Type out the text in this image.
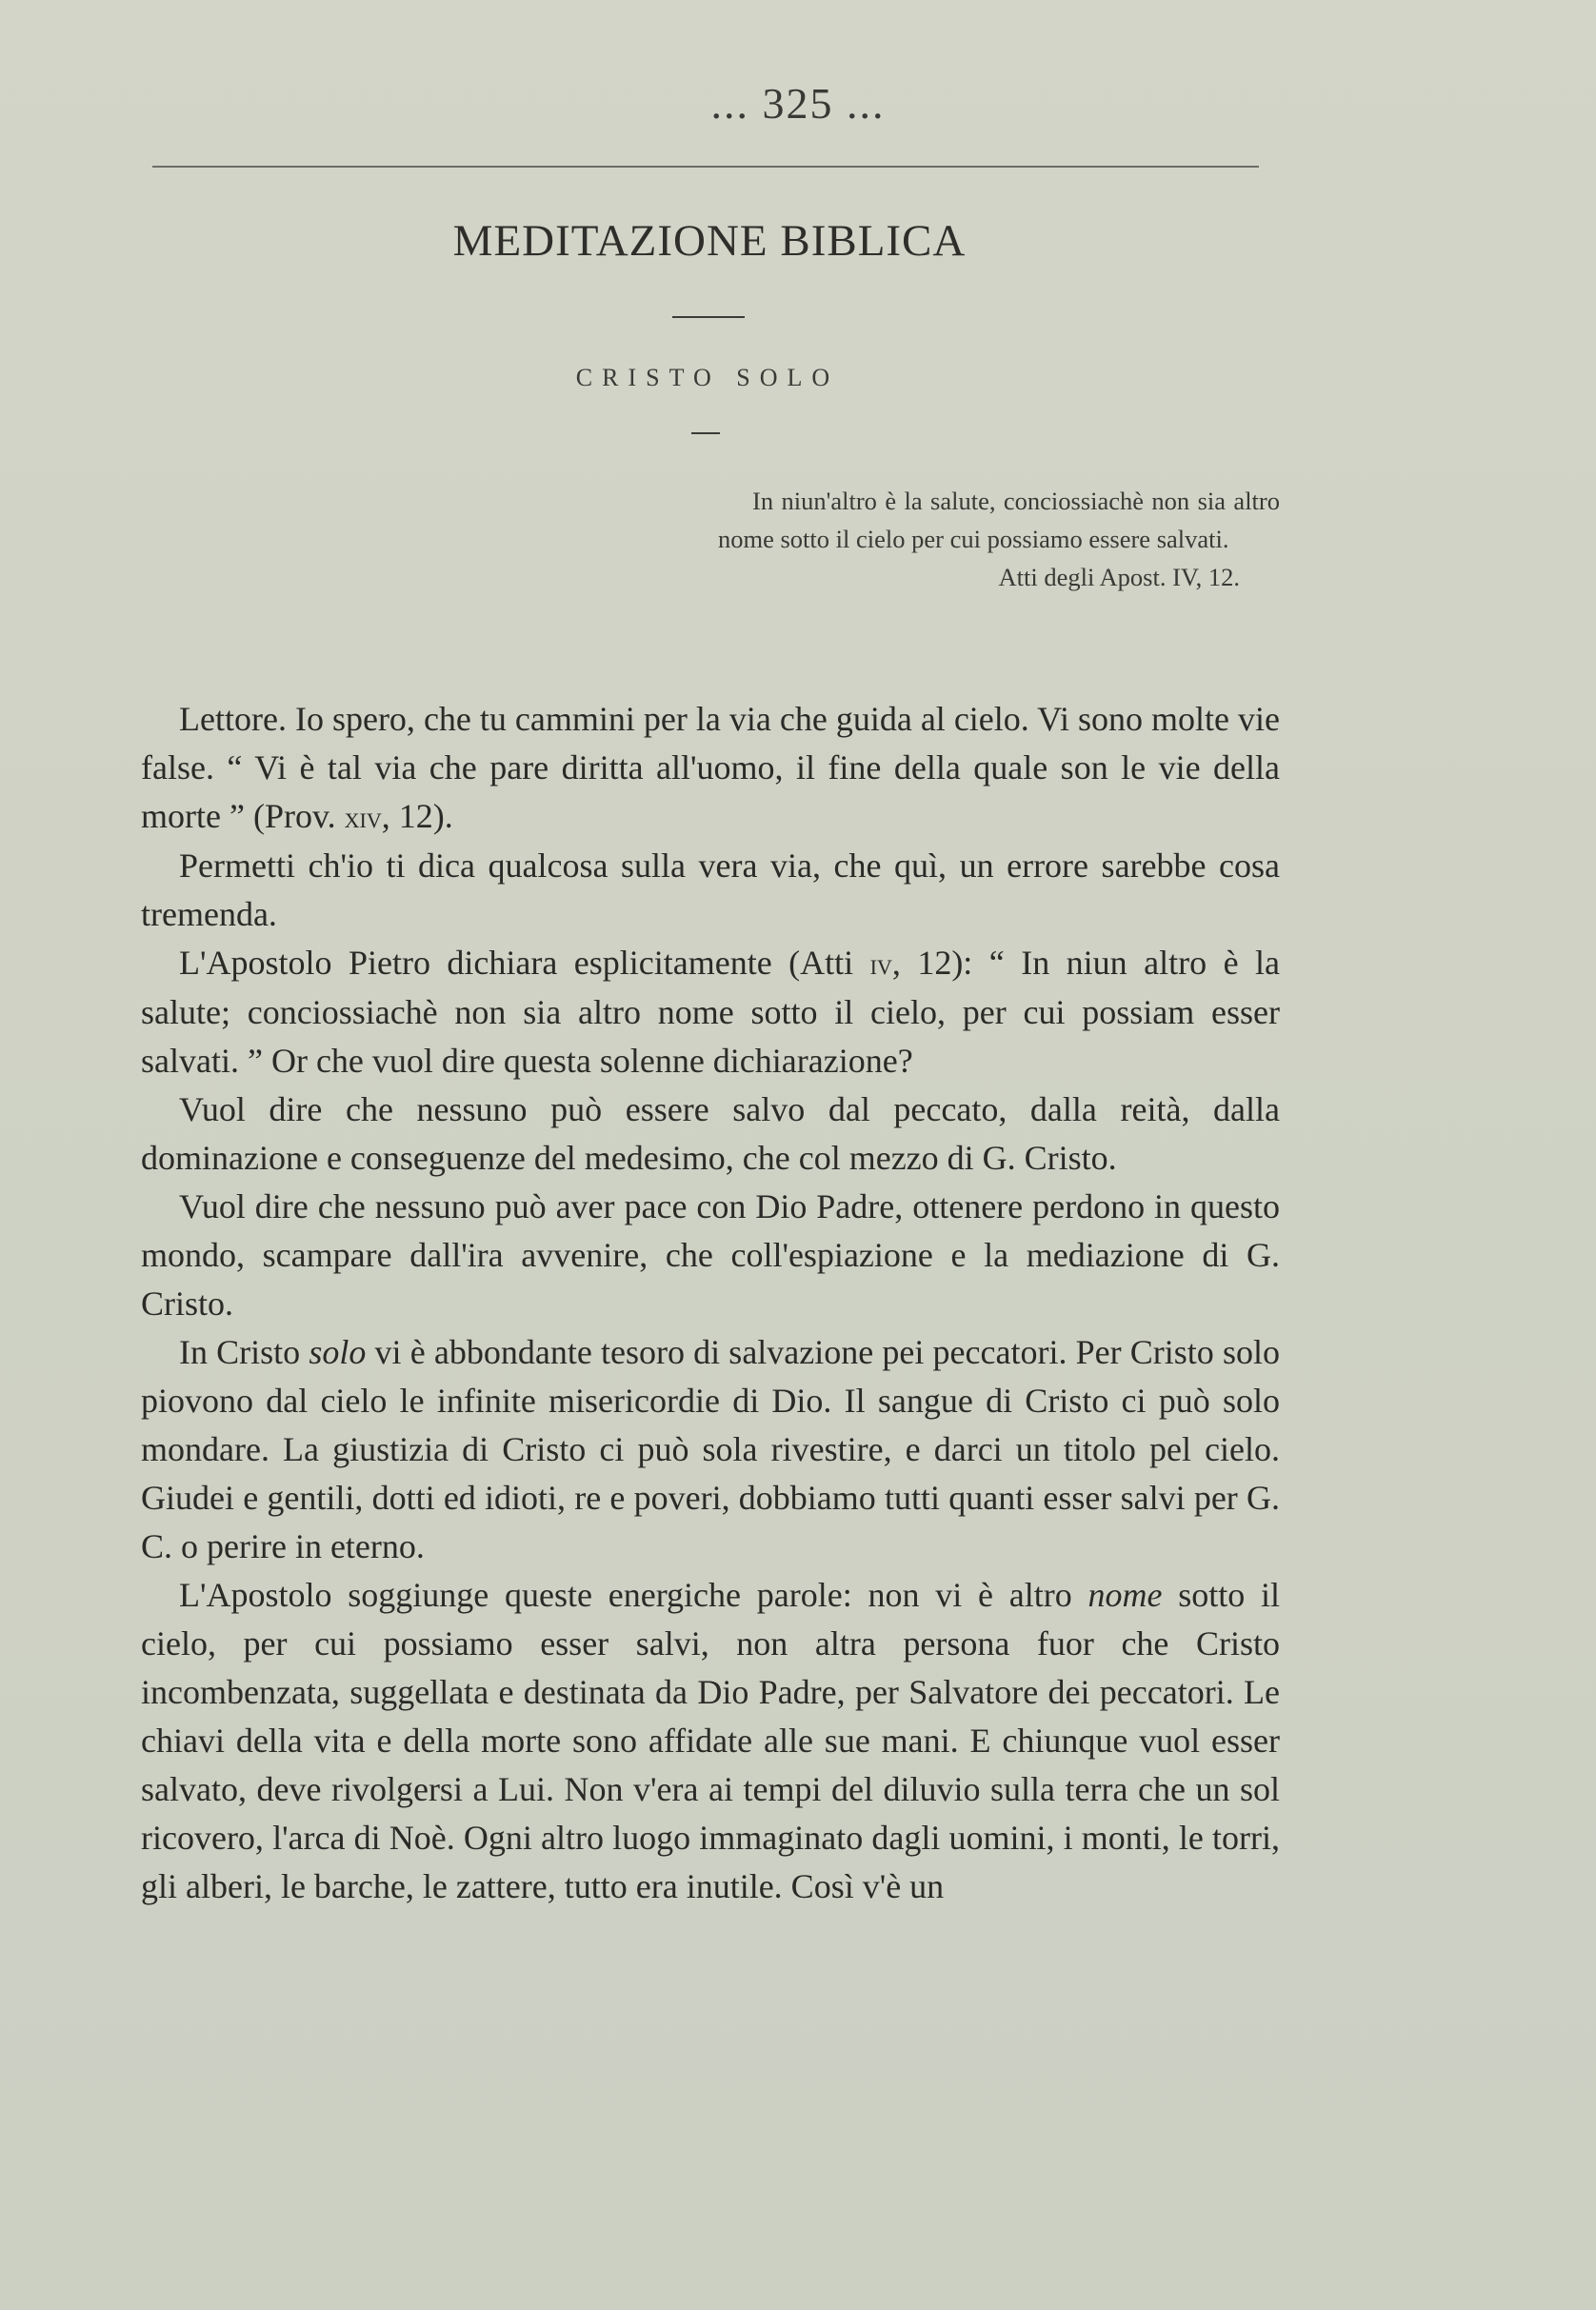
... 325 ...
MEDITAZIONE BIBLICA
CRISTO SOLO
In niun'altro è la salute, conciossiachè non sia altro nome sotto il cielo per cui possiamo essere salvati.
Atti degli Apost. IV, 12.

Lettore. Io spero, che tu cammini per la via che guida al cielo. Vi sono molte vie false. “ Vi è tal via che pare diritta all'uomo, il fine della quale son le vie della morte ” (Prov. xiv, 12).

Permetti ch'io ti dica qualcosa sulla vera via, che quì, un errore sarebbe cosa tremenda.

L'Apostolo Pietro dichiara esplicitamente (Atti iv, 12): “ In niun altro è la salute; conciossiachè non sia altro nome sotto il cielo, per cui possiam esser salvati. ” Or che vuol dire questa solenne dichiarazione?

Vuol dire che nessuno può essere salvo dal peccato, dalla reità, dalla dominazione e conseguenze del medesimo, che col mezzo di G. Cristo.

Vuol dire che nessuno può aver pace con Dio Padre, ottenere perdono in questo mondo, scampare dall'ira avvenire, che coll'espiazione e la mediazione di G. Cristo.

In Cristo solo vi è abbondante tesoro di salvazione pei peccatori. Per Cristo solo piovono dal cielo le infinite misericordie di Dio. Il sangue di Cristo ci può solo mondare. La giustizia di Cristo ci può sola rivestire, e darci un titolo pel cielo. Giudei e gentili, dotti ed idioti, re e poveri, dobbiamo tutti quanti esser salvi per G. C. o perire in eterno.

L'Apostolo soggiunge queste energiche parole: non vi è altro nome sotto il cielo, per cui possiamo esser salvi, non altra persona fuor che Cristo incombenzata, suggellata e destinata da Dio Padre, per Salvatore dei peccatori. Le chiavi della vita e della morte sono affidate alle sue mani. E chiunque vuol esser salvato, deve rivolgersi a Lui. Non v'era ai tempi del diluvio sulla terra che un sol ricovero, l'arca di Noè. Ogni altro luogo immaginato dagli uomini, i monti, le torri, gli alberi, le barche, le zattere, tutto era inutile. Così v'è un
